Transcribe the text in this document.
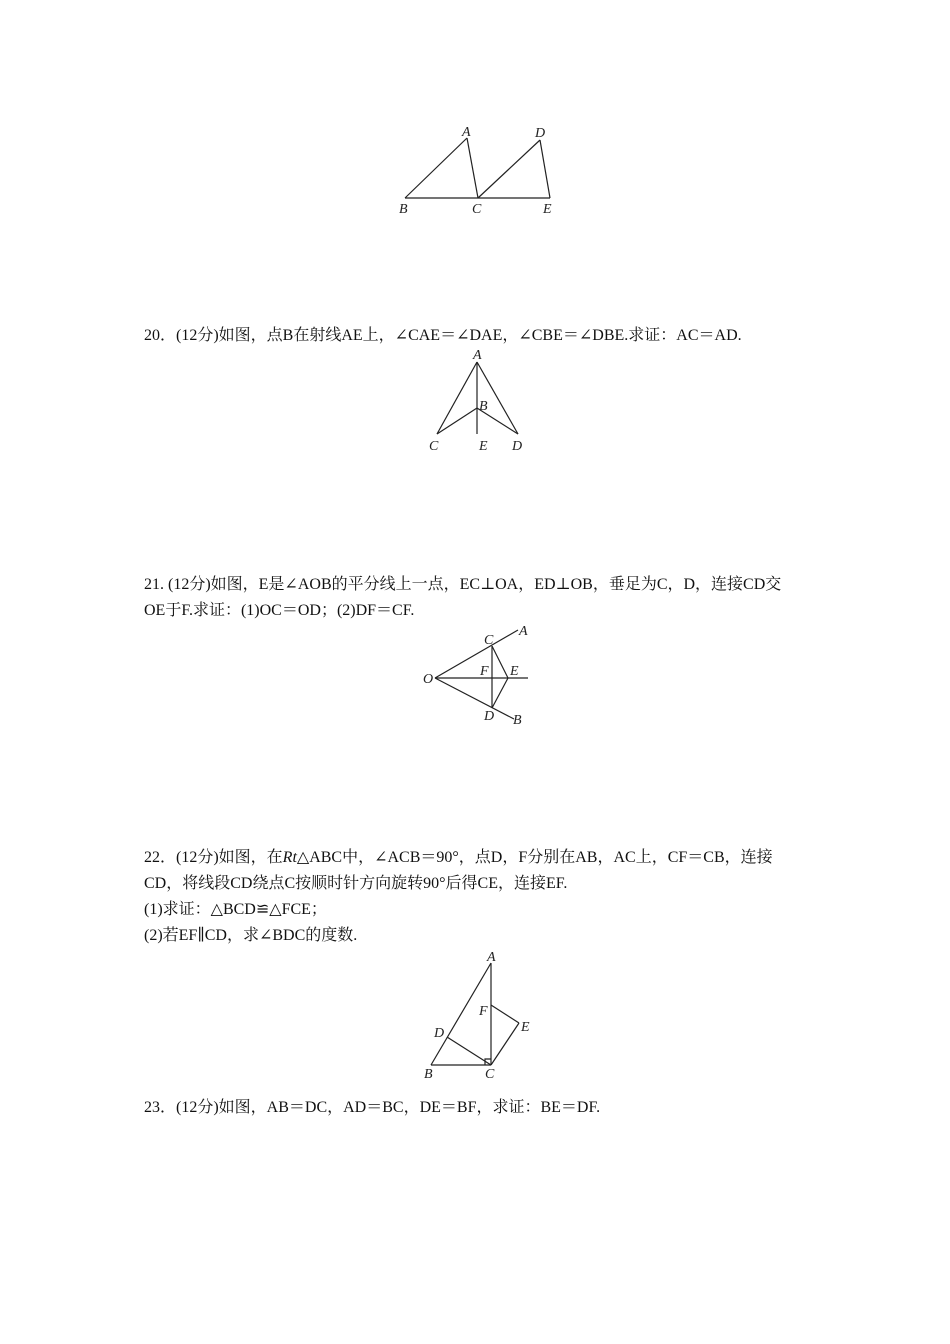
A	D
B	C	E
20．(12分)如图，点B在射线AE上，∠CAE＝∠DAE，∠CBE＝∠DBE.求证：AC＝AD.
A
B
C	E D
21. (12分)如图，E是∠AOB的平分线上一点，EC⊥OA，ED⊥OB，垂足为C，D，连接CD交
OE于F.求证：(1)OC＝OD；(2)DF＝CF.
C
A
O
F E
D B
22．(12分)如图，在Rt△ABC中，∠ACB＝90°，点D，F分别在AB，AC上，CF＝CB，连接
CD，将线段CD绕点C按顺时针方向旋转90°后得CE，连接EF.
(1)求证：△BCD≌△FCE；
(2)若EF∥CD，求∠BDC的度数.
A
F
E
D
B	C
23．(12分)如图，AB＝DC，AD＝BC，DE＝BF，求证：BE＝DF.
